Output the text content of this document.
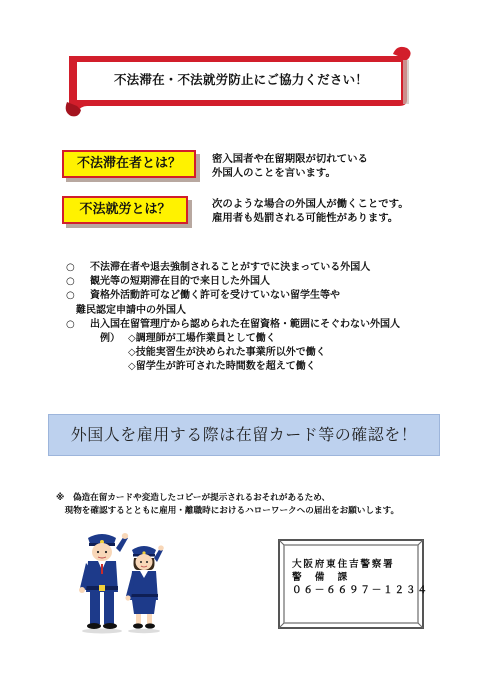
不法滞在・不法就労防止にご協力ください！
不法滞在者とは？	密入国者や在留期限が切れている
外国人のことを言います。
不法就労とは？	次のような場合の外国人が働くことです。
雇用者も処罰される可能性があります。
○ 不法滞在者や退去強制されることがすでに決まっている外国人
○ 観光等の短期滞在目的で来日した外国人
○ 資格外活動許可など働く許可を受けていない留学生等や
難民認定申請中の外国人
○ 出入国在留管理庁から認められた在留資格・範囲にそぐわない外国人
例） ◇調理師が工場作業員として働く
◇技能実習生が決められた事業所以外で働く
◇留学生が許可された時間数を超えて働く
外国人を雇用する際は在留カード等の確認を！
※　偽造在留カードや変造したコピーが提示されるおそれがあるため、
　現物を確認するとともに雇用・離職時におけるハローワークへの届出をお願いします。
大阪府東住吉警察署
警　備　課
０６－６６９７－１２３４
